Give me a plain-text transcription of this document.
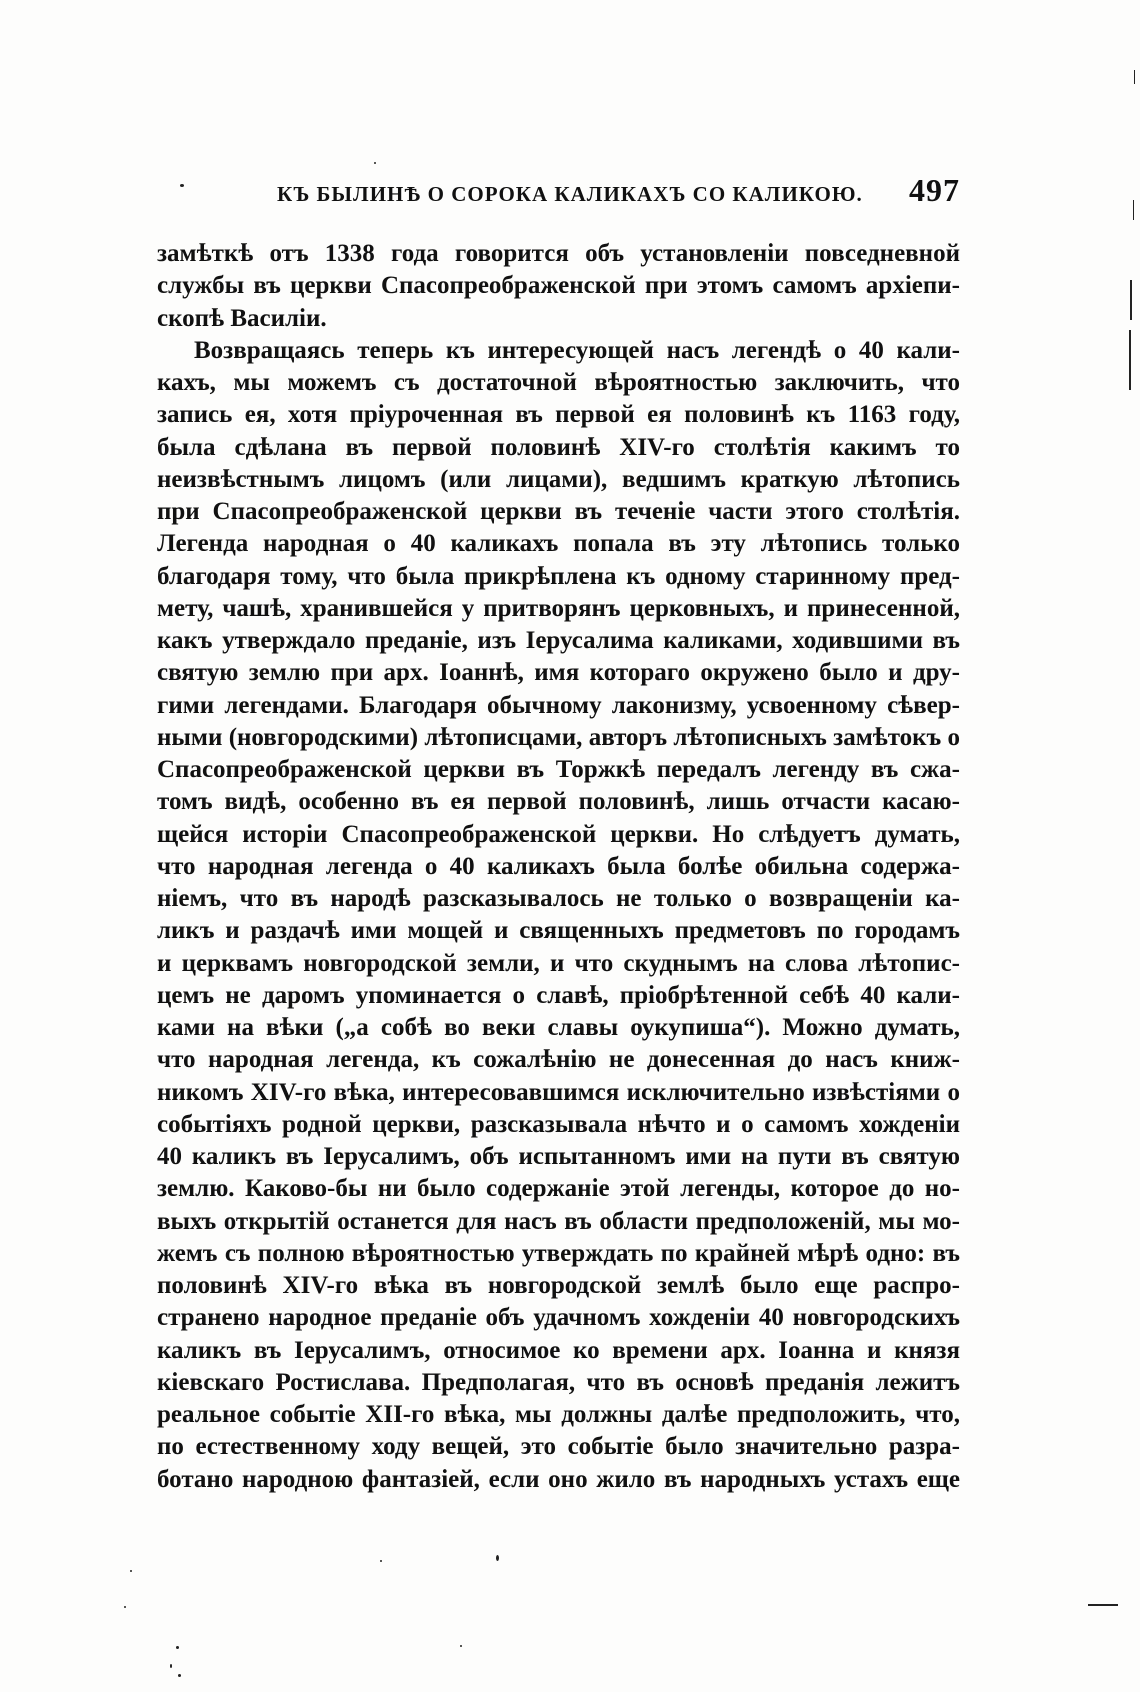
КЪ БЫЛИНѢ О СОРОКА КАЛИКАХЪ СО КАЛИКОЮ. 497
замѣткѣ отъ 1338 года говорится объ установленіи повседневной
службы въ церкви Спасопреображенской при этомъ самомъ архіепи-
скопѣ Василіи.
Возвращаясь теперь къ интересующей насъ легендѣ о 40 кали-
кахъ, мы можемъ съ достаточной вѣроятностью заключить, что
запись ея, хотя пріуроченная въ первой ея половинѣ къ 1163 году,
была сдѣлана въ первой половинѣ XIV-го столѣтія какимъ то
неизвѣстнымъ лицомъ (или лицами), ведшимъ краткую лѣтопись
при Спасопреображенской церкви въ теченіе части этого столѣтія.
Легенда народная о 40 каликахъ попала въ эту лѣтопись только
благодаря тому, что была прикрѣплена къ одному старинному пред-
мету, чашѣ, хранившейся у притворянъ церковныхъ, и принесенной,
какъ утверждало преданіе, изъ Іерусалима каликами, ходившими въ
святую землю при арх. Іоаннѣ, имя котораго окружено было и дру-
гими легендами. Благодаря обычному лаконизму, усвоенному сѣвер-
ными (новгородскими) лѣтописцами, авторъ лѣтописныхъ замѣтокъ о
Спасопреображенской церкви въ Торжкѣ передалъ легенду въ сжа-
томъ видѣ, особенно въ ея первой половинѣ, лишь отчасти касаю-
щейся исторіи Спасопреображенской церкви. Но слѣдуетъ думать,
что народная легенда о 40 каликахъ была болѣе обильна содержа-
ніемъ, что въ народѣ разсказывалось не только о возвращеніи ка-
ликъ и раздачѣ ими мощей и священныхъ предметовъ по городамъ
и церквамъ новгородской земли, и что скуднымъ на слова лѣтопис-
цемъ не даромъ упоминается о славѣ, пріобрѣтенной себѣ 40 кали-
ками на вѣки („а собѣ во веки славы оукупиша“). Можно думать,
что народная легенда, къ сожалѣнію не донесенная до насъ книж-
никомъ XIV-го вѣка, интересовавшимся исключительно извѣстіями о
событіяхъ родной церкви, разсказывала нѣчто и о самомъ хожденіи
40 каликъ въ Іерусалимъ, объ испытанномъ ими на пути въ святую
землю. Каково-бы ни было содержаніе этой легенды, которое до но-
выхъ открытій останется для насъ въ области предположеній, мы мо-
жемъ съ полною вѣроятностью утверждать по крайней мѣрѣ одно: въ
половинѣ XIV-го вѣка въ новгородской землѣ было еще распро-
странено народное преданіе объ удачномъ хожденіи 40 новгородскихъ
каликъ въ Іерусалимъ, относимое ко времени арх. Іоанна и князя
кіевскаго Ростислава. Предполагая, что въ основѣ преданія лежитъ
реальное событіе XII-го вѣка, мы должны далѣе предположить, что,
по естественному ходу вещей, это событіе было значительно разра-
ботано народною фантазіей, если оно жило въ народныхъ устахъ еще
